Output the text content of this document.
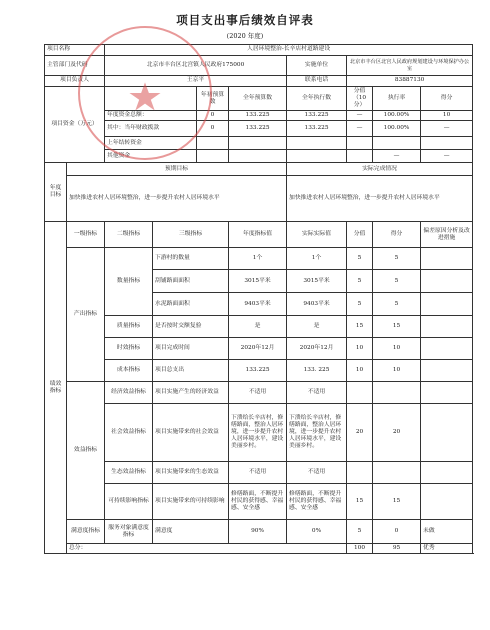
项目支出事后绩效自评表
(2020 年度)
项目名称		人居环境整治-长辛店村道路建设							
主管部门及代码		北京市丰台区北宫镇人民政府175000				实施单位	北京市丰台区北宫人民政府规划建设与环境保护办公室		
项目负责人		王京平				联系电话	83887130		
项目资金（万元）				年初预算数	全年预算数	全年执行数	分值（10分）	执行率	得分
		年度资金总额：		0	133.225	133.225	—	100.00%	10
		其中：当年财政拨款		0	133.225	133.225	—	100.00%	—
		上年结转资金							
		其他资金						—	—
年度目标	预期目标					实际完成情况			
	加快推进农村人居环境整治，进一步提升农村人居环境水平					加快推进农村人居环境整治，进一步提升农村人居环境水平			
绩效指标	一级指标	二级指标	三级指标		年度指标值	实际实际值	分值	得分	偏差原因分析及改进措施
	产出指标	数量指标	下游村的数量		1个	1个	5	5	
			刮铺路面面积		3015平米	3015平米	5	5	
			水泥路面面积		9403平米	9403平米	5	5	
		质量指标	是否按时交额复验		是	是	15	15	
		时效指标	项目完成时间		2020年12月	2020年12月	10	10	
		成本指标	项目总支出		133.225	133. 225	10	10	
	效益指标	经济效益指标	项目实施产生的经济效益		不适用	不适用			
		社会效益指标	项目实施带来的社会效益		下溃给长辛店村，修缮路面，整治人居环境，进一步提升农村人居环境水平，建设美丽乡村。	下溃给长辛店村，修缮路面，整治人居环境，进一步提升农村人居环境水平，建设美丽乡村。	20	20	
		生态效益指标	项目实施带来的生态效益		不适用	不适用			
		可持续影响指标	项目实施带来的可持续影响		修缮路面，不断提升村民的获得感、幸福感、安全感	修缮路面，不断提升村民的获得感、幸福感、安全感	15	15	
	满意度指标	服务对象满意度指标	满意度		90%	0%	5	0	未做
	总分：						100	95	优秀
